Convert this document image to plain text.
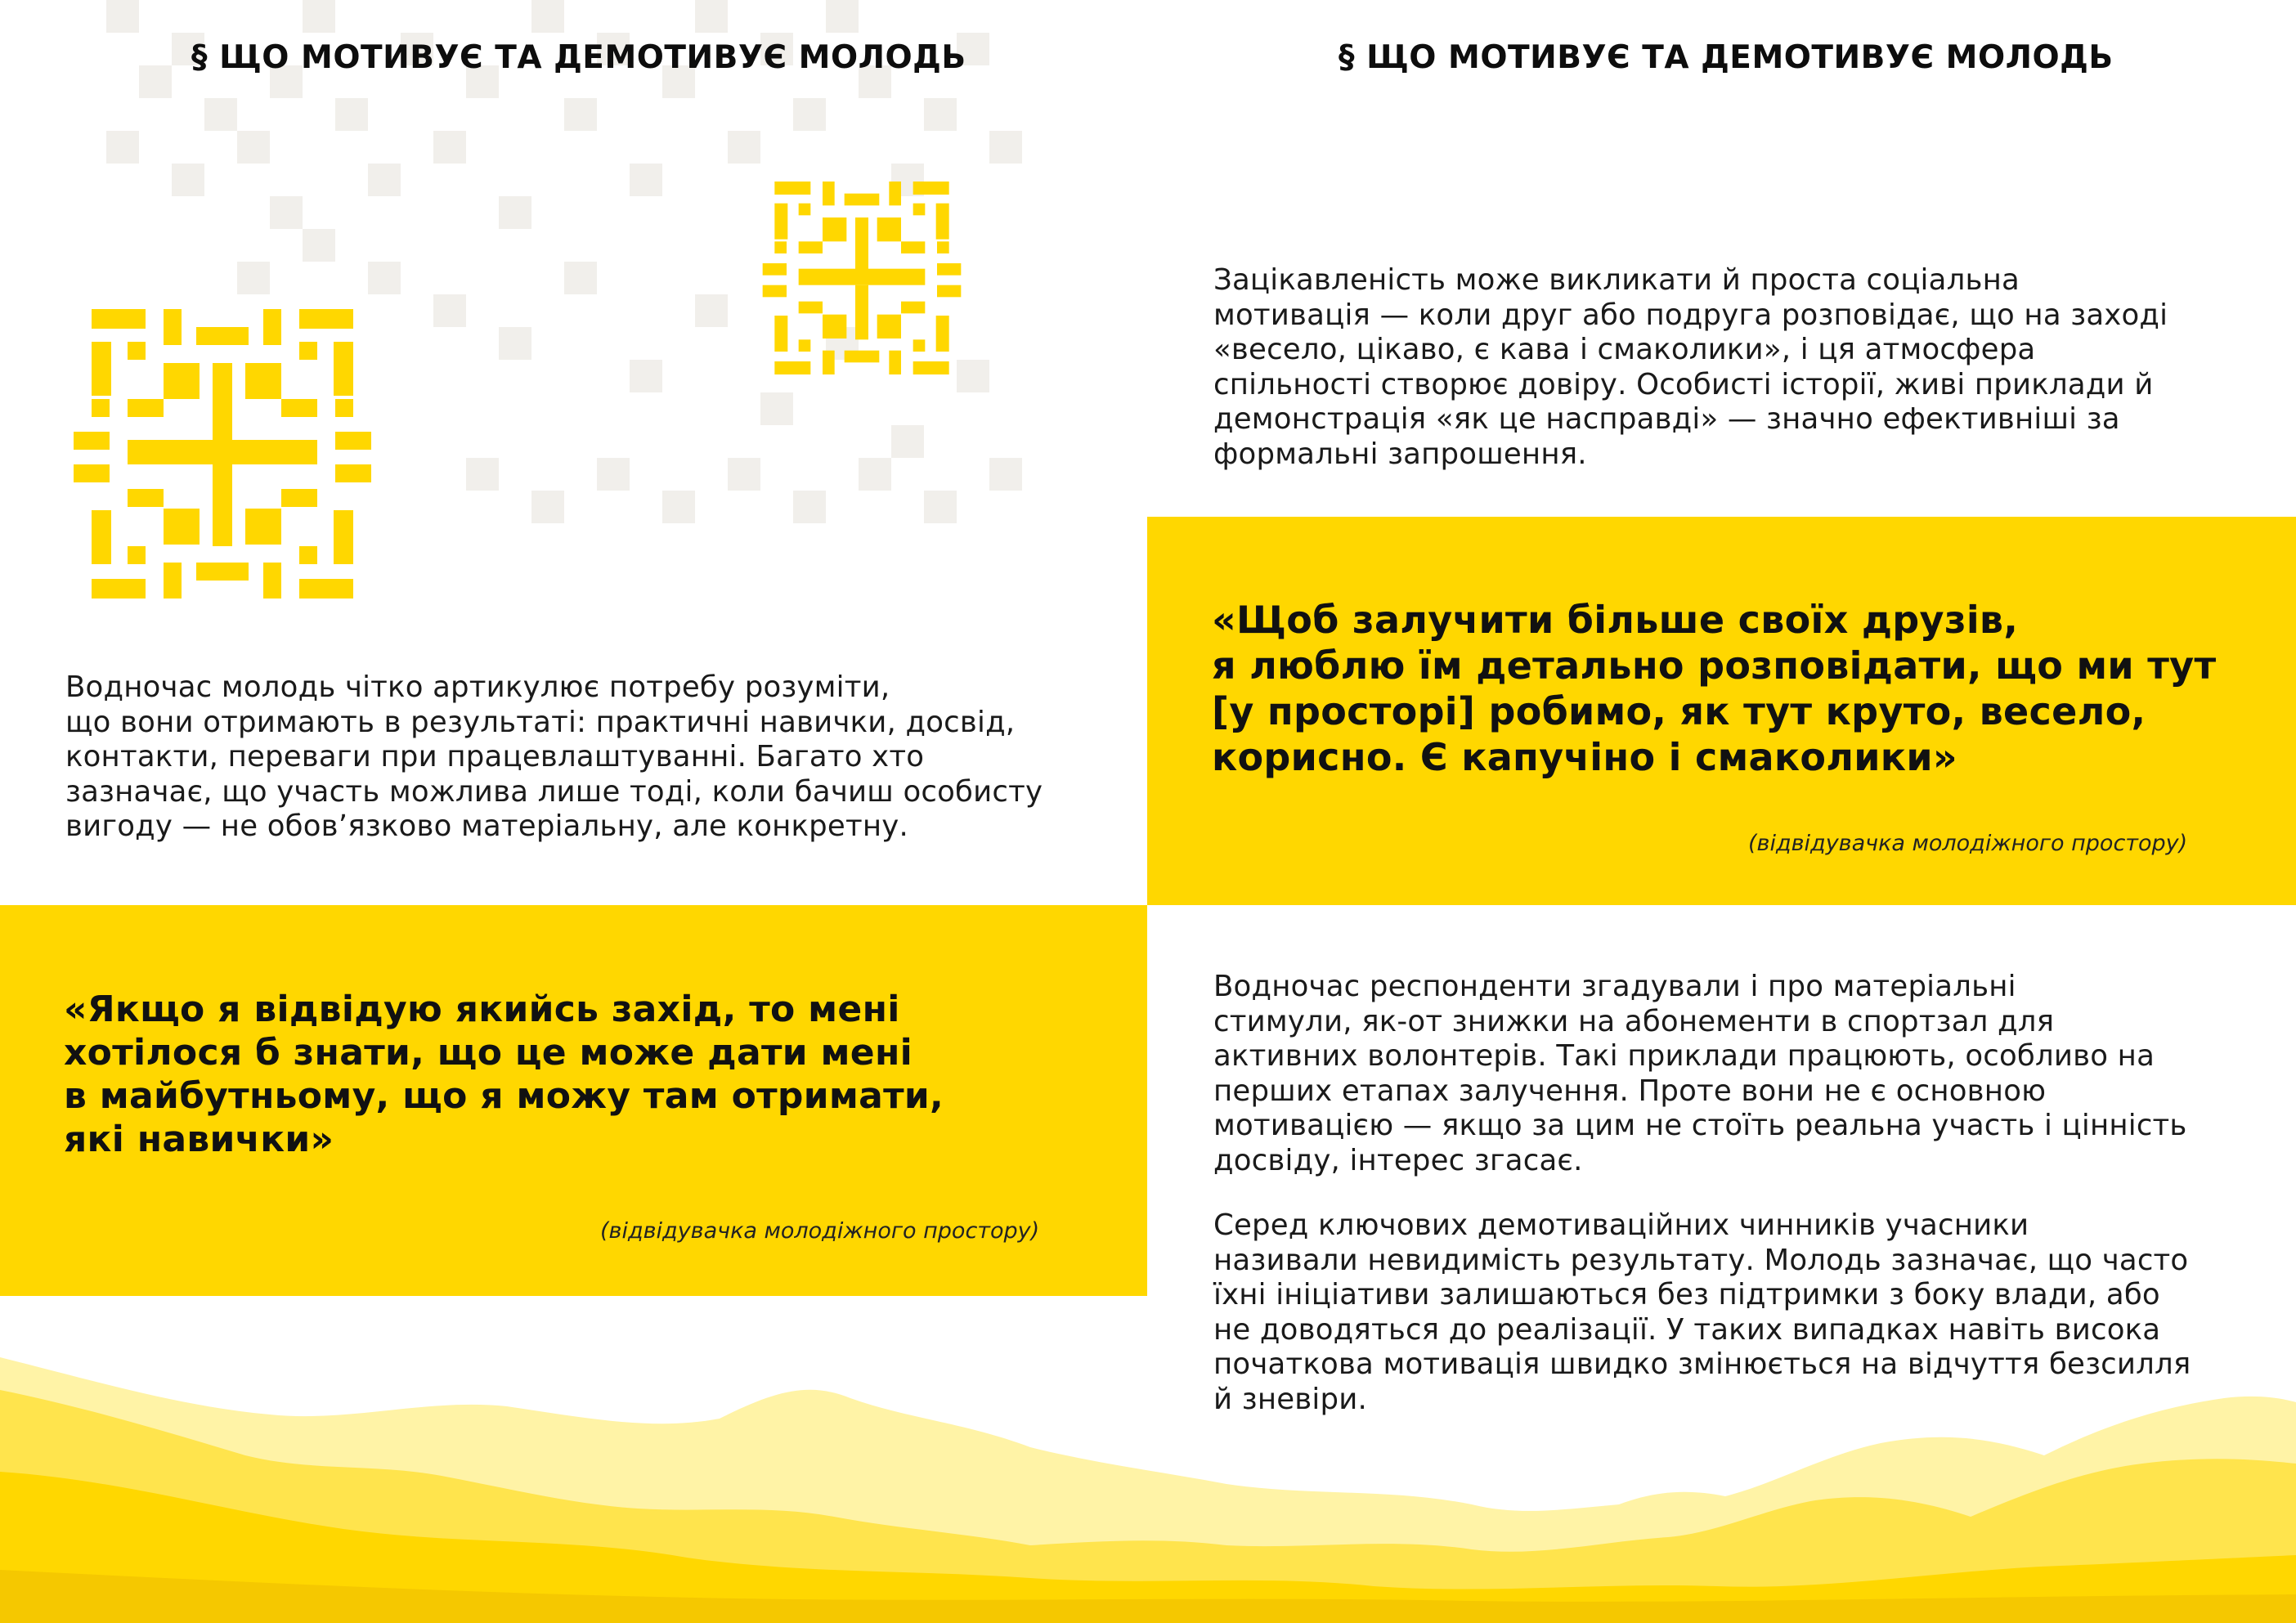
§ ЩО МОТИВУЄ ТА ДЕМОТИВУЄ МОЛОДЬ	§ ЩО МОТИВУЄ ТА ДЕМОТИВУЄ МОЛОДЬ
Водночас молодь чітко артикулює потребу розуміти,
що вони отримають в результаті: практичні навички, досвід,
контакти, переваги при працевлаштуванні. Багато хто
зазначає, що участь можлива лише тоді, коли бачиш особисту
вигоду — не обов’язково матеріальну, але конкретну.
«Якщо я відвідую якийсь захід, то мені
хотілося б знати, що це може дати мені
в майбутньому, що я можу там отримати,
які навички»
(відвідувачка молодіжного простору)
Зацікавленість може викликати й проста соціальна
мотивація — коли друг або подруга розповідає, що на заході
«весело, цікаво, є кава і смаколики», і ця атмосфера
спільності створює довіру. Особисті історії, живі приклади й
демонстрація «як це насправді» — значно ефективніші за
формальні запрошення.
«Щоб залучити більше своїх друзів,
я люблю їм детально розповідати, що ми тут
[у просторі] робимо, як тут круто, весело,
корисно. Є капучіно і смаколики»
(відвідувачка молодіжного простору)
Водночас респонденти згадували і про матеріальні
стимули, як-от знижки на абонементи в спортзал для
активних волонтерів. Такі приклади працюють, особливо на
перших етапах залучення. Проте вони не є основною
мотивацією — якщо за цим не стоїть реальна участь і цінність
досвіду, інтерес згасає.
Серед ключових демотиваційних чинників учасники
називали невидимість результату. Молодь зазначає, що часто
їхні ініціативи залишаються без підтримки з боку влади, або
не доводяться до реалізації. У таких випадках навіть висока
початкова мотивація швидко змінюється на відчуття безсилля
й зневіри.
